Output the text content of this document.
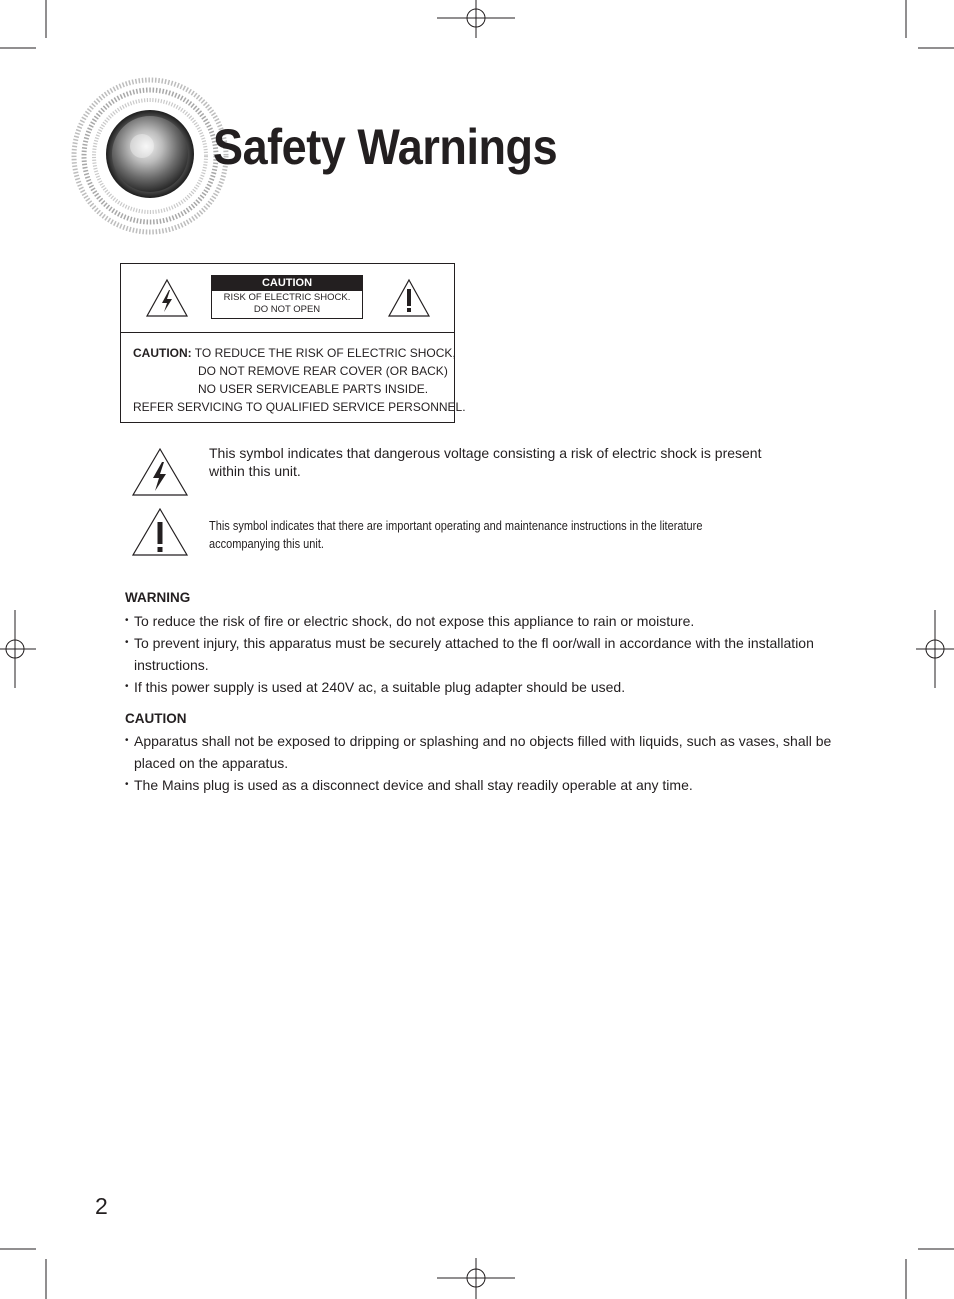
Safety Warnings
CAUTION
RISK OF ELECTRIC SHOCK.
DO NOT OPEN
CAUTION: TO REDUCE THE RISK OF ELECTRIC SHOCK,
DO NOT REMOVE REAR COVER (OR BACK)
NO USER SERVICEABLE PARTS INSIDE.
REFER SERVICING TO QUALIFIED SERVICE PERSONNEL.
This symbol indicates that dangerous voltage consisting a risk of electric shock is present
within this unit.
This symbol indicates that there are important operating and maintenance instructions in the literature
accompanying this unit.
WARNING
• To reduce the risk of fire or electric shock, do not expose this appliance to rain or moisture.
• To prevent injury, this apparatus must be securely attached to the fl oor/wall in accordance with the installation
instructions.
• If this power supply is used at 240V ac, a suitable plug adapter should be used.
CAUTION
• Apparatus shall not be exposed to dripping or splashing and no objects filled with liquids, such as vases, shall be
placed on the apparatus.
• The Mains plug is used as a disconnect device and shall stay readily operable at any time.
2
